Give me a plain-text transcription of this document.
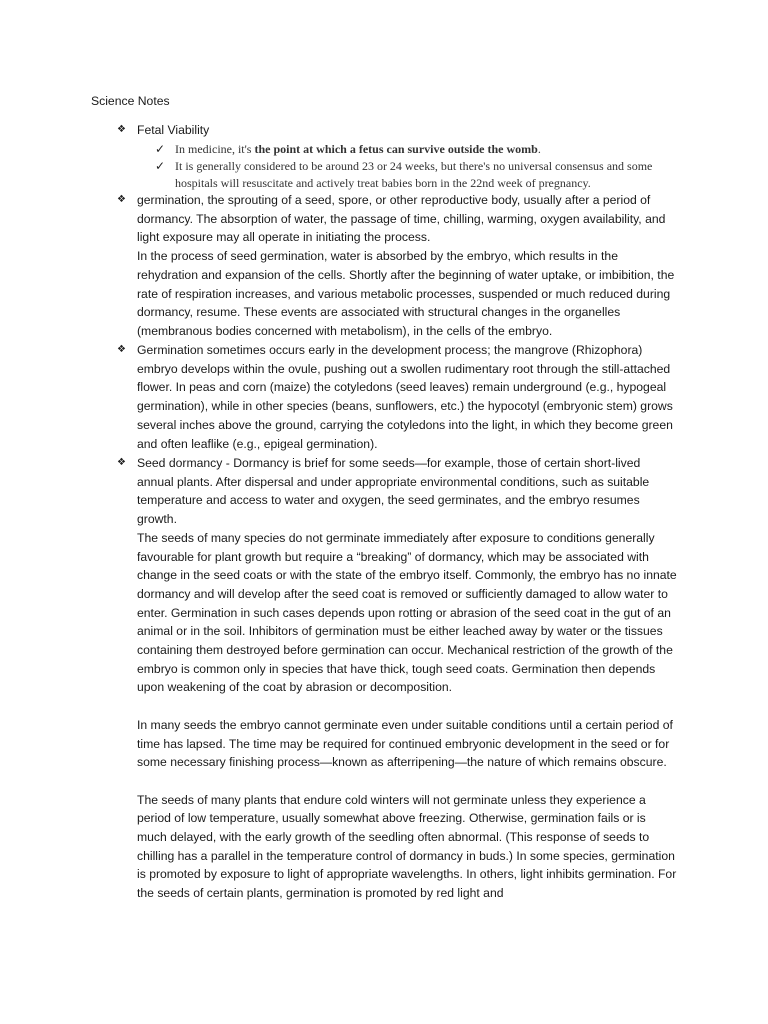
Science Notes
❖ Fetal Viability
✓ In medicine, it's the point at which a fetus can survive outside the womb.
✓ It is generally considered to be around 23 or 24 weeks, but there's no universal consensus and some hospitals will resuscitate and actively treat babies born in the 22nd week of pregnancy.
❖ germination, the sprouting of a seed, spore, or other reproductive body, usually after a period of dormancy. The absorption of water, the passage of time, chilling, warming, oxygen availability, and light exposure may all operate in initiating the process.

In the process of seed germination, water is absorbed by the embryo, which results in the rehydration and expansion of the cells. Shortly after the beginning of water uptake, or imbibition, the rate of respiration increases, and various metabolic processes, suspended or much reduced during dormancy, resume. These events are associated with structural changes in the organelles (membranous bodies concerned with metabolism), in the cells of the embryo.

❖ Germination sometimes occurs early in the development process; the mangrove (Rhizophora) embryo develops within the ovule, pushing out a swollen rudimentary root through the still-attached flower. In peas and corn (maize) the cotyledons (seed leaves) remain underground (e.g., hypogeal germination), while in other species (beans, sunflowers, etc.) the hypocotyl (embryonic stem) grows several inches above the ground, carrying the cotyledons into the light, in which they become green and often leaflike (e.g., epigeal germination).

❖ Seed dormancy - Dormancy is brief for some seeds—for example, those of certain short-lived annual plants. After dispersal and under appropriate environmental conditions, such as suitable temperature and access to water and oxygen, the seed germinates, and the embryo resumes growth.

The seeds of many species do not germinate immediately after exposure to conditions generally favourable for plant growth but require a “breaking” of dormancy, which may be associated with change in the seed coats or with the state of the embryo itself. Commonly, the embryo has no innate dormancy and will develop after the seed coat is removed or sufficiently damaged to allow water to enter. Germination in such cases depends upon rotting or abrasion of the seed coat in the gut of an animal or in the soil. Inhibitors of germination must be either leached away by water or the tissues containing them destroyed before germination can occur. Mechanical restriction of the growth of the embryo is common only in species that have thick, tough seed coats. Germination then depends upon weakening of the coat by abrasion or decomposition.

In many seeds the embryo cannot germinate even under suitable conditions until a certain period of time has lapsed. The time may be required for continued embryonic development in the seed or for some necessary finishing process—known as afterripening—the nature of which remains obscure.

The seeds of many plants that endure cold winters will not germinate unless they experience a period of low temperature, usually somewhat above freezing. Otherwise, germination fails or is much delayed, with the early growth of the seedling often abnormal. (This response of seeds to chilling has a parallel in the temperature control of dormancy in buds.) In some species, germination is promoted by exposure to light of appropriate wavelengths. In others, light inhibits germination. For the seeds of certain plants, germination is promoted by red light and
